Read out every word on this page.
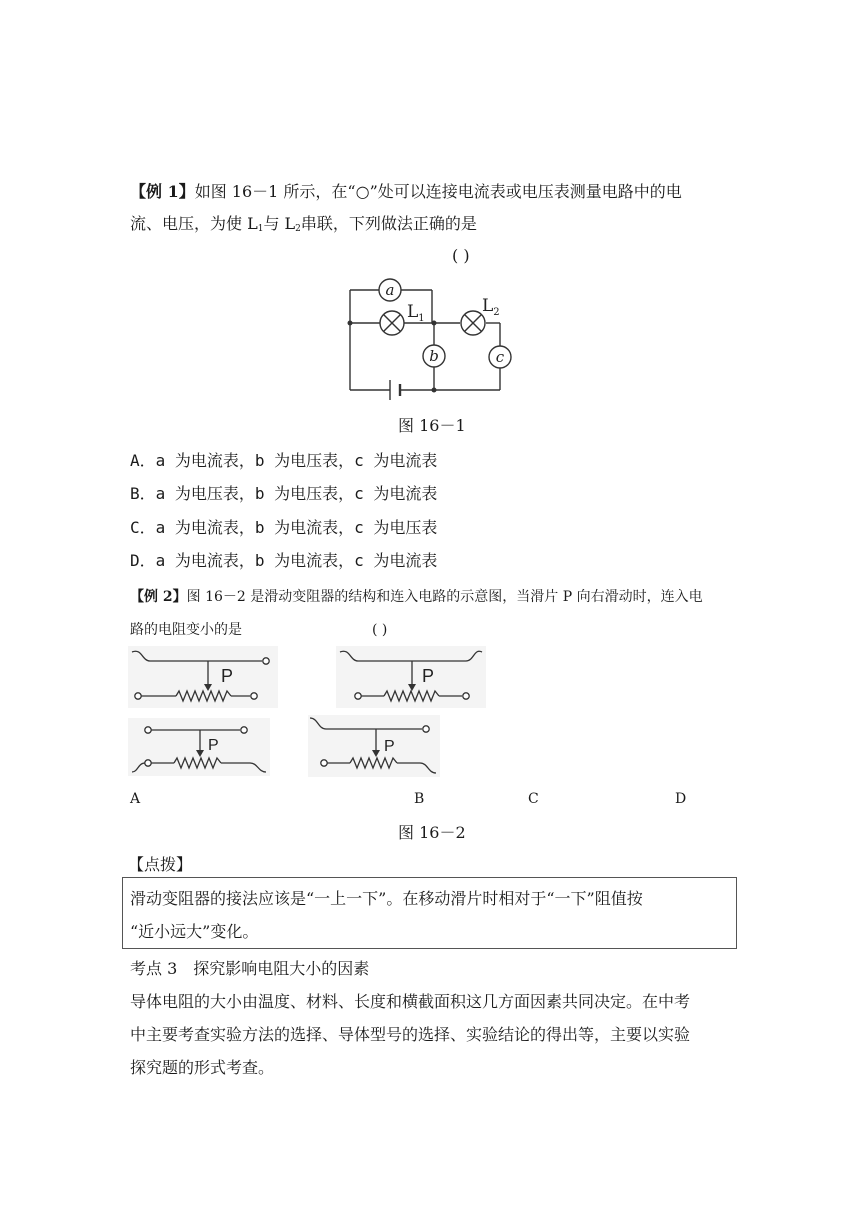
【例 1】如图 16－1 所示，在“○”处可以连接电流表或电压表测量电路中的电
流、电压，为使 $L_1$与 $L_2$串联，下列做法正确的是
( )
a
$L_1$
$L_2$
b	c
图 16－1
A．a 为电流表，b 为电压表，c 为电流表
B．a 为电压表，b 为电压表，c 为电流表
C．a 为电流表，b 为电流表，c 为电压表
D．a 为电流表，b 为电流表，c 为电流表
【例 2】图 16－2 是滑动变阻器的结构和连入电路的示意图，当滑片 P 向右滑动时，连入电
路的电阻变小的是	( )
P	P
P	P
A	B	C	D
图 16－2
【点拨】
滑动变阻器的接法应该是“一上一下”。在移动滑片时相对于“一下”阻值按
“近小远大”变化。
考点 3　探究影响电阻大小的因素
导体电阻的大小由温度、材料、长度和横截面积这几方面因素共同决定。在中考
中主要考查实验方法的选择、导体型号的选择、实验结论的得出等，主要以实验
探究题的形式考查。
